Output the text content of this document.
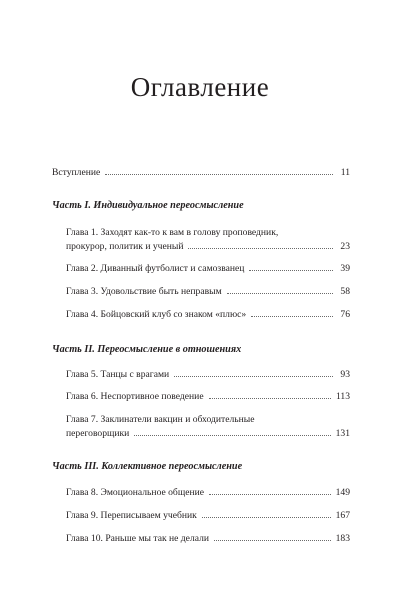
Оглавление
Вступление	11
Часть I. Индивидуальное переосмысление
Глава 1. Заходят как-то к вам в голову проповедник,
прокурор, политик и ученый	23
Глава 2. Диванный футболист и самозванец	39
Глава 3. Удовольствие быть неправым	58
Глава 4. Бойцовский клуб со знаком «плюс»	76
Часть II. Переосмысление в отношениях
Глава 5. Танцы с врагами	93
Глава 6. Неспортивное поведение	113
Глава 7. Заклинатели вакцин и обходительные
переговорщики	131
Часть III. Коллективное переосмысление
Глава 8. Эмоциональное общение	149
Глава 9. Переписываем учебник	167
Глава 10. Раньше мы так не делали	183
